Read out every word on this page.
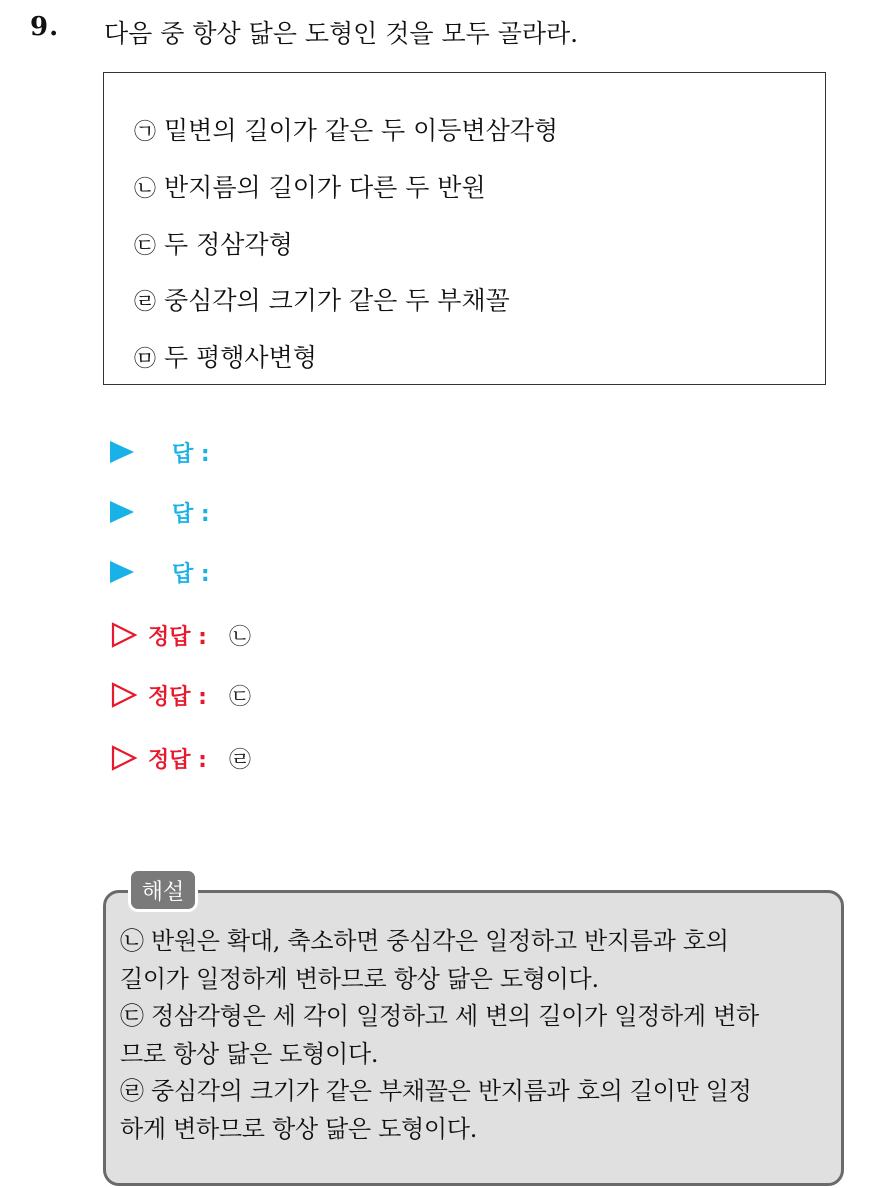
9. 다음 중 항상 닮은 도형인 것을 모두 골라라.
㉠ 밑변의 길이가 같은 두 이등변삼각형
㉡ 반지름의 길이가 다른 두 반원
㉢ 두 정삼각형
㉣ 중심각의 크기가 같은 두 부채꼴
㉤ 두 평행사변형
답 :
답 :
답 :
정답 : ㉡
정답 : ㉢
정답 : ㉣
㉡ 반원은 확대, 축소하면 중심각은 일정하고 반지름과 호의
길이가 일정하게 변하므로 항상 닮은 도형이다.
㉢ 정삼각형은 세 각이 일정하고 세 변의 길이가 일정하게 변하
므로 항상 닮은 도형이다.
㉣ 중심각의 크기가 같은 부채꼴은 반지름과 호의 길이만 일정
하게 변하므로 항상 닮은 도형이다.
해설
